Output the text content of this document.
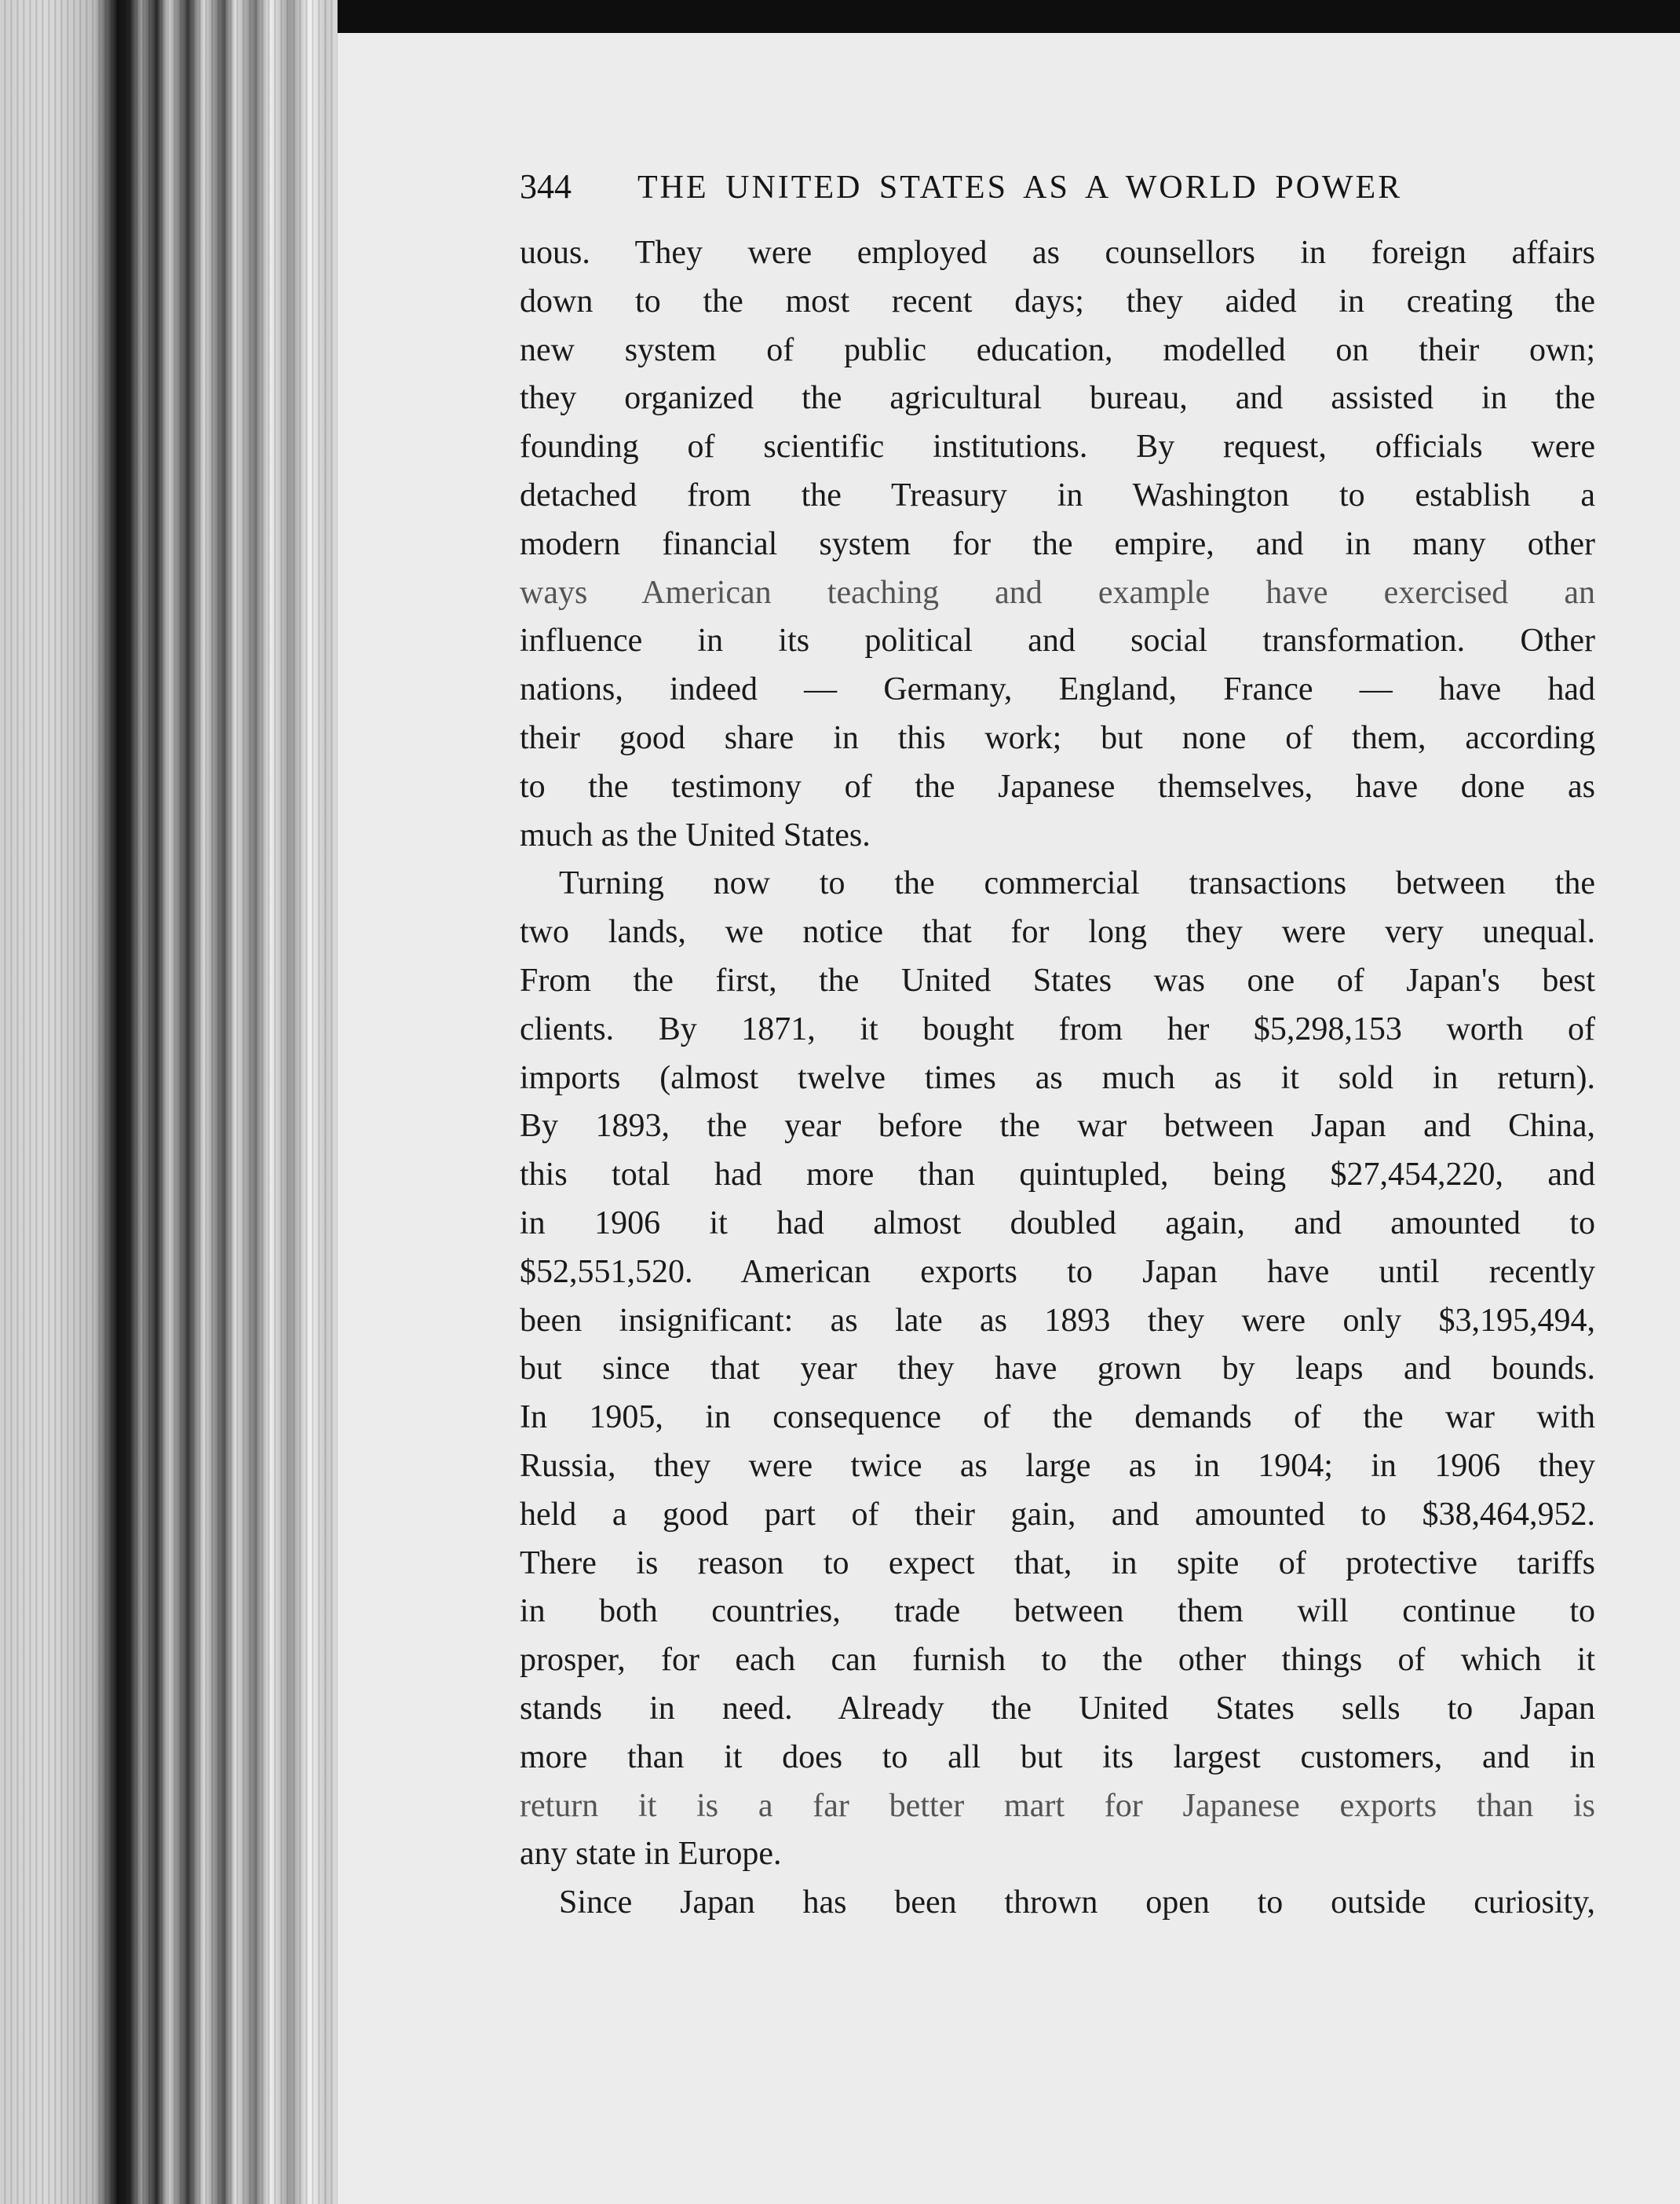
344	THE UNITED STATES AS A WORLD POWER
uous. They were employed as counsellors in foreign affairs
down to the most recent days; they aided in creating the
new system of public education, modelled on their own;
they organized the agricultural bureau, and assisted in the
founding of scientific institutions. By request, officials were
detached from the Treasury in Washington to establish a
modern financial system for the empire, and in many other
ways American teaching and example have exercised an
influence in its political and social transformation. Other
nations, indeed — Germany, England, France — have had
their good share in this work; but none of them, according
to the testimony of the Japanese themselves, have done as
much as the United States.
Turning now to the commercial transactions between the
two lands, we notice that for long they were very unequal.
From the first, the United States was one of Japan's best
clients. By 1871, it bought from her $5,298,153 worth of
imports (almost twelve times as much as it sold in return).
By 1893, the year before the war between Japan and China,
this total had more than quintupled, being $27,454,220, and
in 1906 it had almost doubled again, and amounted to
$52,551,520. American exports to Japan have until recently
been insignificant: as late as 1893 they were only $3,195,494,
but since that year they have grown by leaps and bounds.
In 1905, in consequence of the demands of the war with
Russia, they were twice as large as in 1904; in 1906 they
held a good part of their gain, and amounted to $38,464,952.
There is reason to expect that, in spite of protective tariffs
in both countries, trade between them will continue to
prosper, for each can furnish to the other things of which it
stands in need. Already the United States sells to Japan
more than it does to all but its largest customers, and in
return it is a far better mart for Japanese exports than is
any state in Europe.
Since Japan has been thrown open to outside curiosity,
